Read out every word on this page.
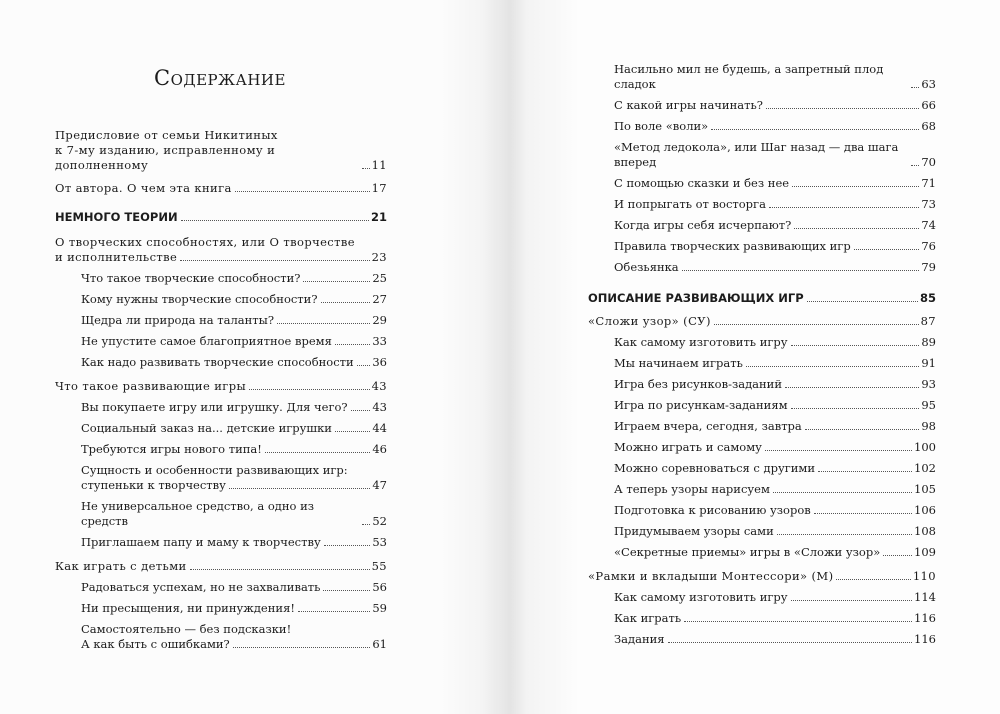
Содержание
Предисловие от семьи Никитиных
к 7-му изданию, исправленному и дополненному	11
От автора. О чем эта книга	17
НЕМНОГО ТЕОРИИ	21
О творческих способностях, или О творчестве
и исполнительстве	23
Что такое творческие способности?	25
Кому нужны творческие способности?	27
Щедра ли природа на таланты?	29
Не упустите самое благоприятное время	33
Как надо развивать творческие способности 36
Что такое развивающие игры	43
Вы покупаете игру или игрушку. Для чего? 43
Социальный заказ на... детские игрушки	44
Требуются игры нового типа!	46
Сущность и особенности развивающих игр:
ступеньки к творчеству	47
Не универсальное средство, а одно из средств	52
Приглашаем папу и маму к творчеству	53
Как играть с детьми	55
Радоваться успехам, но не захваливать	56
Ни пресыщения, ни принуждения!	59
Самостоятельно — без подсказки!
А как быть с ошибками?	61
Насильно мил не будешь, а запретный плод сладок	63
С какой игры начинать?	66
По воле «воли»	68
«Метод ледокола», или Шаг назад — два шага вперед	70
С помощью сказки и без нее	71
И попрыгать от восторга	73
Когда игры себя исчерпают?	74
Правила творческих развивающих игр	76
Обезьянка	79
ОПИСАНИЕ РАЗВИВАЮЩИХ ИГР	85
«Сложи узор» (СУ)	87
Как самому изготовить игру	89
Мы начинаем играть	91
Игра без рисунков-заданий	93
Игра по рисункам-заданиям	95
Играем вчера, сегодня, завтра	98
Можно играть и самому	100
Можно соревноваться с другими	102
А теперь узоры нарисуем	105
Подготовка к рисованию узоров	106
Придумываем узоры сами	108
«Секретные приемы» игры в «Сложи узор»	109
«Рамки и вкладыши Монтессори» (М)	110
Как самому изготовить игру	114
Как играть	116
Задания	116
